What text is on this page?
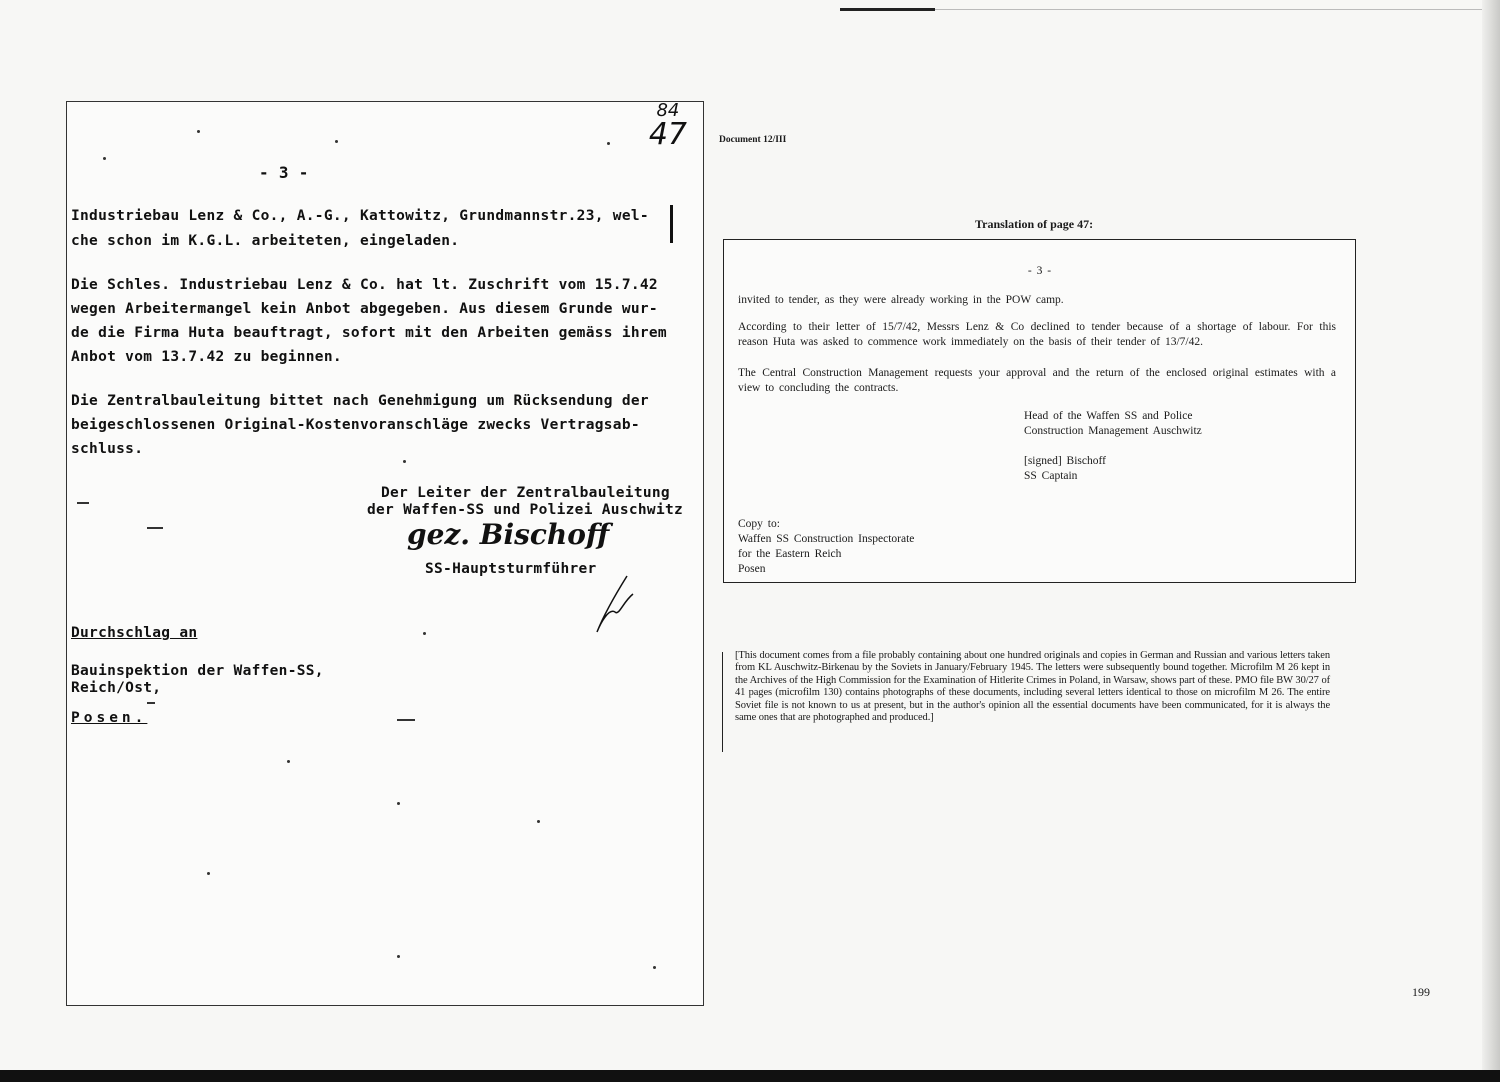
84
47
- 3 -
Industriebau Lenz & Co., A.-G., Kattowitz, Grundmannstr.23, wel-
che schon im K.G.L. arbeiteten, eingeladen.
Die Schles. Industriebau Lenz & Co. hat lt. Zuschrift vom 15.7.42
wegen Arbeitermangel kein Anbot abgegeben. Aus diesem Grunde wur-
de die Firma Huta beauftragt, sofort mit den Arbeiten gemäss ihrem
Anbot vom 13.7.42 zu beginnen.
Die Zentralbauleitung bittet nach Genehmigung um Rücksendung der
beigeschlossenen Original-Kostenvoranschläge zwecks Vertragsab-
schluss.
Der Leiter der Zentralbauleitung
der Waffen-SS und Polizei Auschwitz
gez. Bischoff
SS-Hauptsturmführer
Durchschlag an
Bauinspektion der Waffen-SS,
Reich/Ost,
Posen.
Document 12/III
Translation of page 47:
- 3 -
invited to tender, as they were already working in the POW camp.
According to their letter of 15/7/42, Messrs Lenz & Co declined to tender because of a shortage of labour. For this reason Huta was asked to commence work immediately on the basis of their tender of 13/7/42.
The Central Construction Management requests your approval and the return of the enclosed original estimates with a view to concluding the contracts.
Head of the Waffen SS and Police
Construction Management Auschwitz
[signed] Bischoff
SS Captain
Copy to:
Waffen SS Construction Inspectorate
for the Eastern Reich
Posen
[This document comes from a file probably containing about one hundred originals and copies in German and Russian and various letters taken from KL Auschwitz-Birkenau by the Soviets in January/February 1945. The letters were subsequently bound together. Microfilm M 26 kept in the Archives of the High Commission for the Examination of Hitlerite Crimes in Poland, in Warsaw, shows part of these. PMO file BW 30/27 of 41 pages (microfilm 130) contains photographs of these documents, including several letters identical to those on microfilm M 26. The entire Soviet file is not known to us at present, but in the author's opinion all the essential documents have been communicated, for it is always the same ones that are photographed and produced.]
199
